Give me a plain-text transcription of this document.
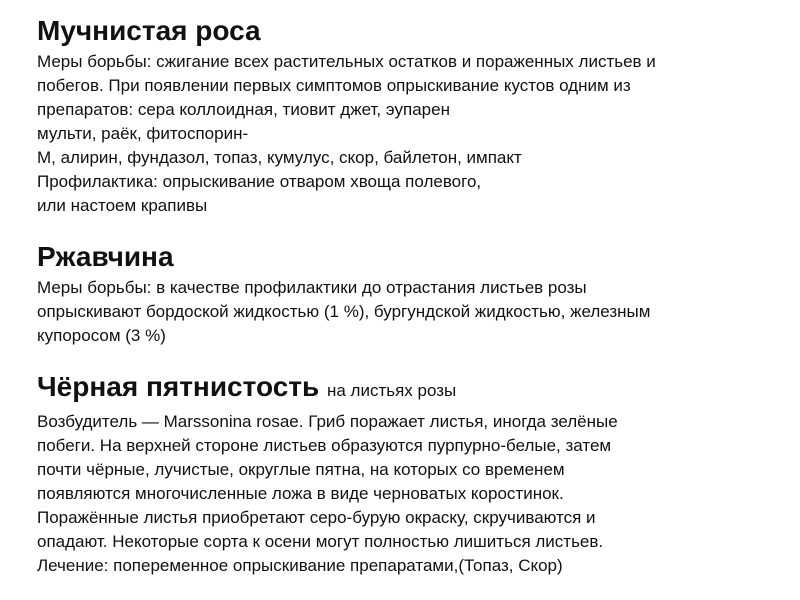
Мучнистая роса

Меры борьбы: сжигание всех растительных остатков и пораженных листьев и

побегов. При появлении первых симптомов опрыскивание кустов одним из

препаратов: сера коллоидная, тиовит джет, эупарен

мульти, раёк, фитоспорин-

М, алирин, фундазол, топаз, кумулус, скор, байлетон, импакт

Профилактика: опрыскивание отваром хвоща полевого,

или настоем крапивы

Ржавчина

Меры борьбы: в качестве профилактики до отрастания листьев розы

опрыскивают бордоской жидкостью (1 %), бургундской жидкостью, железным

купоросом (3 %)

Чёрная пятнистость на листьях розы

Возбудитель — Marssonina rosae. Гриб поражает листья, иногда зелёные

побеги. На верхней стороне листьев образуются пурпурно-белые, затем

почти чёрные, лучистые, округлые пятна, на которых со временем

появляются многочисленные ложа в виде черноватых коростинок.

Поражённые листья приобретают серо-бурую окраску, скручиваются и

опадают. Некоторые сорта к осени могут полностью лишиться листьев.

Лечение: попеременное опрыскивание препаратами,(Топаз, Скор)
